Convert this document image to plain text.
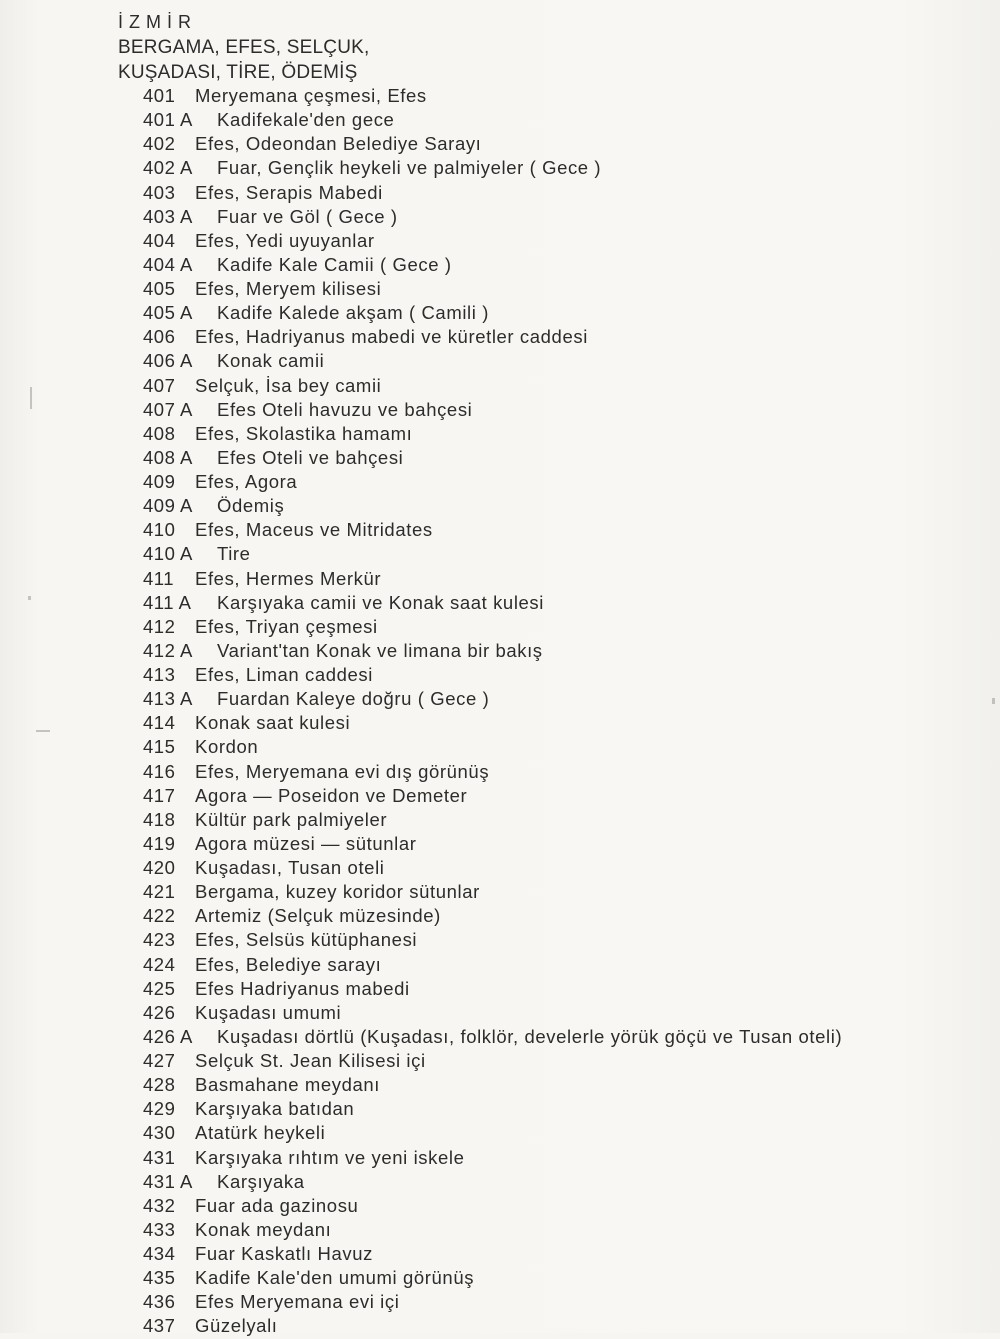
İZMİR
BERGAMA, EFES, SELÇUK,
KUŞADASI, TİRE, ÖDEMİŞ
401	Meryemana çeşmesi, Efes
401 A	Kadifekale'den gece
402	Efes, Odeondan Belediye Sarayı
402 A	Fuar, Gençlik heykeli ve palmiyeler ( Gece )
403	Efes, Serapis Mabedi
403 A	Fuar ve Göl ( Gece )
404	Efes, Yedi uyuyanlar
404 A	Kadife Kale Camii ( Gece )
405	Efes, Meryem kilisesi
405 A	Kadife Kalede akşam ( Camili )
406	Efes, Hadriyanus mabedi ve küretler caddesi
406 A	Konak camii
407	Selçuk, İsa bey camii
407 A	Efes Oteli havuzu ve bahçesi
408	Efes, Skolastika hamamı
408 A	Efes Oteli ve bahçesi
409	Efes, Agora
409 A	Ödemiş
410	Efes, Maceus ve Mitridates
410 A	Tire
411	Efes, Hermes Merkür
411 A	Karşıyaka camii ve Konak saat kulesi
412	Efes, Triyan çeşmesi
412 A	Variant'tan Konak ve limana bir bakış
413	Efes, Liman caddesi
413 A	Fuardan Kaleye doğru ( Gece )
414	Konak saat kulesi
415	Kordon
416	Efes, Meryemana evi dış görünüş
417	Agora — Poseidon ve Demeter
418	Kültür park palmiyeler
419	Agora müzesi — sütunlar
420	Kuşadası, Tusan oteli
421	Bergama, kuzey koridor sütunlar
422	Artemiz (Selçuk müzesinde)
423	Efes, Selsüs kütüphanesi
424	Efes, Belediye sarayı
425	Efes Hadriyanus mabedi
426	Kuşadası umumi
426 A	Kuşadası dörtlü (Kuşadası, folklör, develerle yörük göçü ve Tusan oteli)
427	Selçuk St. Jean Kilisesi içi
428	Basmahane meydanı
429	Karşıyaka batıdan
430	Atatürk heykeli
431	Karşıyaka rıhtım ve yeni iskele
431 A	Karşıyaka
432	Fuar ada gazinosu
433	Konak meydanı
434	Fuar Kaskatlı Havuz
435	Kadife Kale'den umumi görünüş
436	Efes Meryemana evi içi
437	Güzelyalı
